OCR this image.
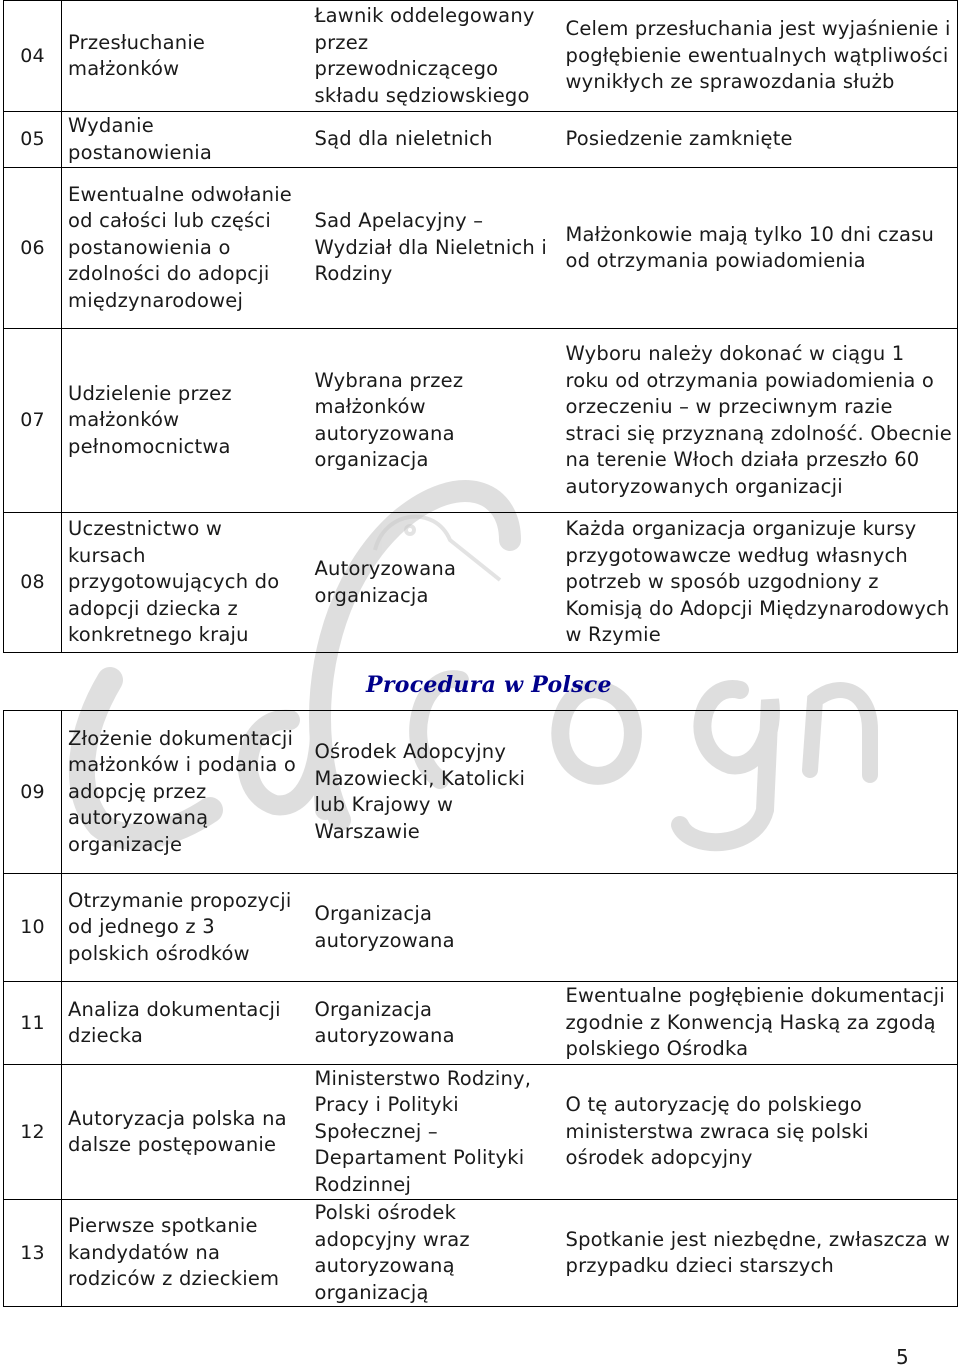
04	Przesłuchanie małżonków	Ławnik oddelegowany przez przewodniczącego składu sędziowskiego	Celem przesłuchania jest wyjaśnienie i pogłębienie ewentualnych wątpliwości wynikłych ze sprawozdania służb
05	Wydanie postanowienia	Sąd dla nieletnich	Posiedzenie zamknięte
06	Ewentualne odwołanie od całości lub części postanowienia o zdolności do adopcji międzynarodowej	Sad Apelacyjny – Wydział dla Nieletnich i Rodziny	Małżonkowie mają tylko 10 dni czasu od otrzymania powiadomienia
07	Udzielenie przez małżonków pełnomocnictwa	Wybrana przez małżonków autoryzowana organizacja	Wyboru należy dokonać w ciągu 1 roku od otrzymania powiadomienia o orzeczeniu – w przeciwnym razie straci się przyznaną zdolność. Obecnie na terenie Włoch działa przeszło 60 autoryzowanych organizacji
08	Uczestnictwo w kursach przygotowujących do adopcji dziecka z konkretnego kraju	Autoryzowana organizacja	Każda organizacja organizuje kursy przygotowawcze według własnych potrzeb w sposób uzgodniony z Komisją do Adopcji Międzynarodowych w Rzymie
Procedura w Polsce
09	Złożenie dokumentacji małżonków i podania o adopcję przez autoryzowaną organizacje	Ośrodek Adopcyjny Mazowiecki, Katolicki lub Krajowy w Warszawie	
10	Otrzymanie propozycji od jednego z 3 polskich ośrodków	Organizacja autoryzowana	
11	Analiza dokumentacji dziecka	Organizacja autoryzowana	Ewentualne pogłębienie dokumentacji zgodnie z Konwencją Haską za zgodą polskiego Ośrodka
12	Autoryzacja polska na dalsze postępowanie	Ministerstwo Rodziny, Pracy i Polityki Społecznej – Departament Polityki Rodzinnej	O tę autoryzację do polskiego ministerstwa zwraca się polski ośrodek adopcyjny
13	Pierwsze spotkanie kandydatów na rodziców z dzieckiem	Polski ośrodek adopcyjny wraz autoryzowaną organizacją	Spotkanie jest niezbędne, zwłaszcza w przypadku dzieci starszych
5
